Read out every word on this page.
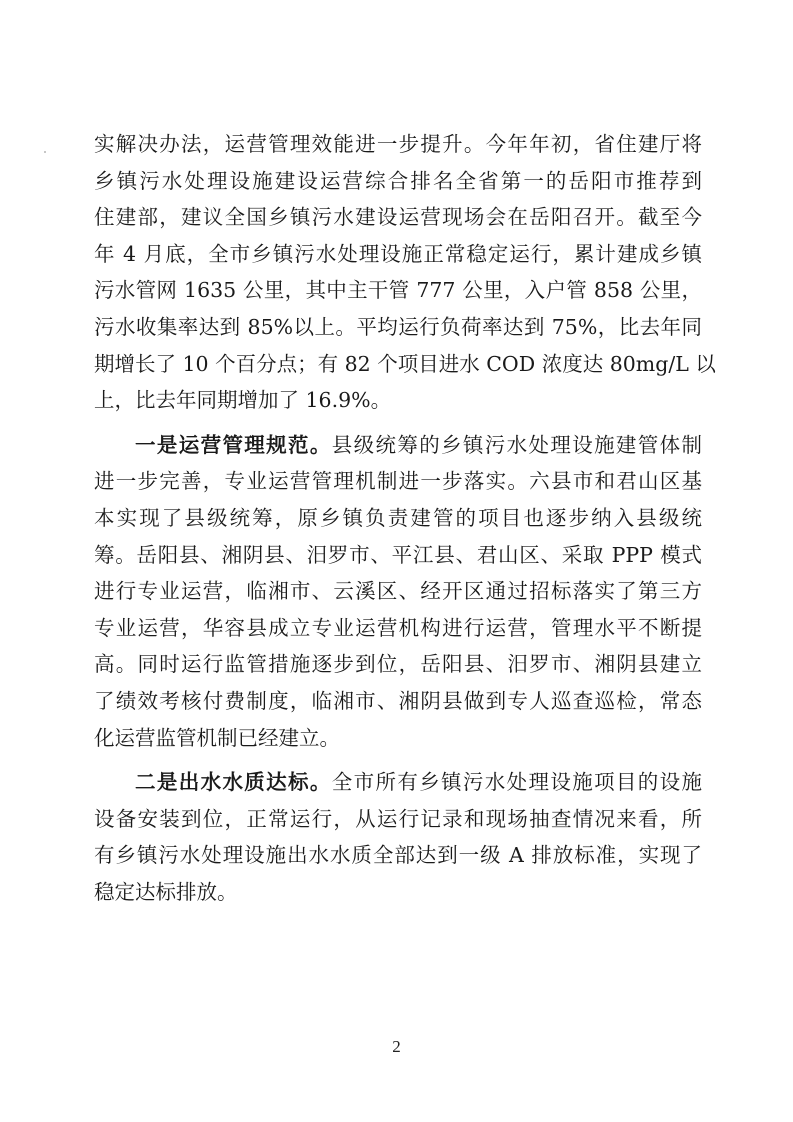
实解决办法，运营管理效能进一步提升。今年年初，省住建厅将
乡镇污水处理设施建设运营综合排名全省第一的岳阳市推荐到
住建部，建议全国乡镇污水建设运营现场会在岳阳召开。截至今
年 4 月底，全市乡镇污水处理设施正常稳定运行，累计建成乡镇
污水管网 1635 公里，其中主干管 777 公里，入户管 858 公里，
污水收集率达到 85%以上。平均运行负荷率达到 75%，比去年同
期增长了 10 个百分点；有 82 个项目进水 COD 浓度达 80mg/L 以
上，比去年同期增加了 16.9%。
一是运营管理规范。县级统筹的乡镇污水处理设施建管体制
进一步完善，专业运营管理机制进一步落实。六县市和君山区基
本实现了县级统筹，原乡镇负责建管的项目也逐步纳入县级统
筹。岳阳县、湘阴县、汨罗市、平江县、君山区、采取 PPP 模式
进行专业运营，临湘市、云溪区、经开区通过招标落实了第三方
专业运营，华容县成立专业运营机构进行运营，管理水平不断提
高。同时运行监管措施逐步到位，岳阳县、汨罗市、湘阴县建立
了绩效考核付费制度，临湘市、湘阴县做到专人巡查巡检，常态
化运营监管机制已经建立。
二是出水水质达标。全市所有乡镇污水处理设施项目的设施
设备安装到位，正常运行，从运行记录和现场抽查情况来看，所
有乡镇污水处理设施出水水质全部达到一级 A 排放标准，实现了
稳定达标排放。
2
